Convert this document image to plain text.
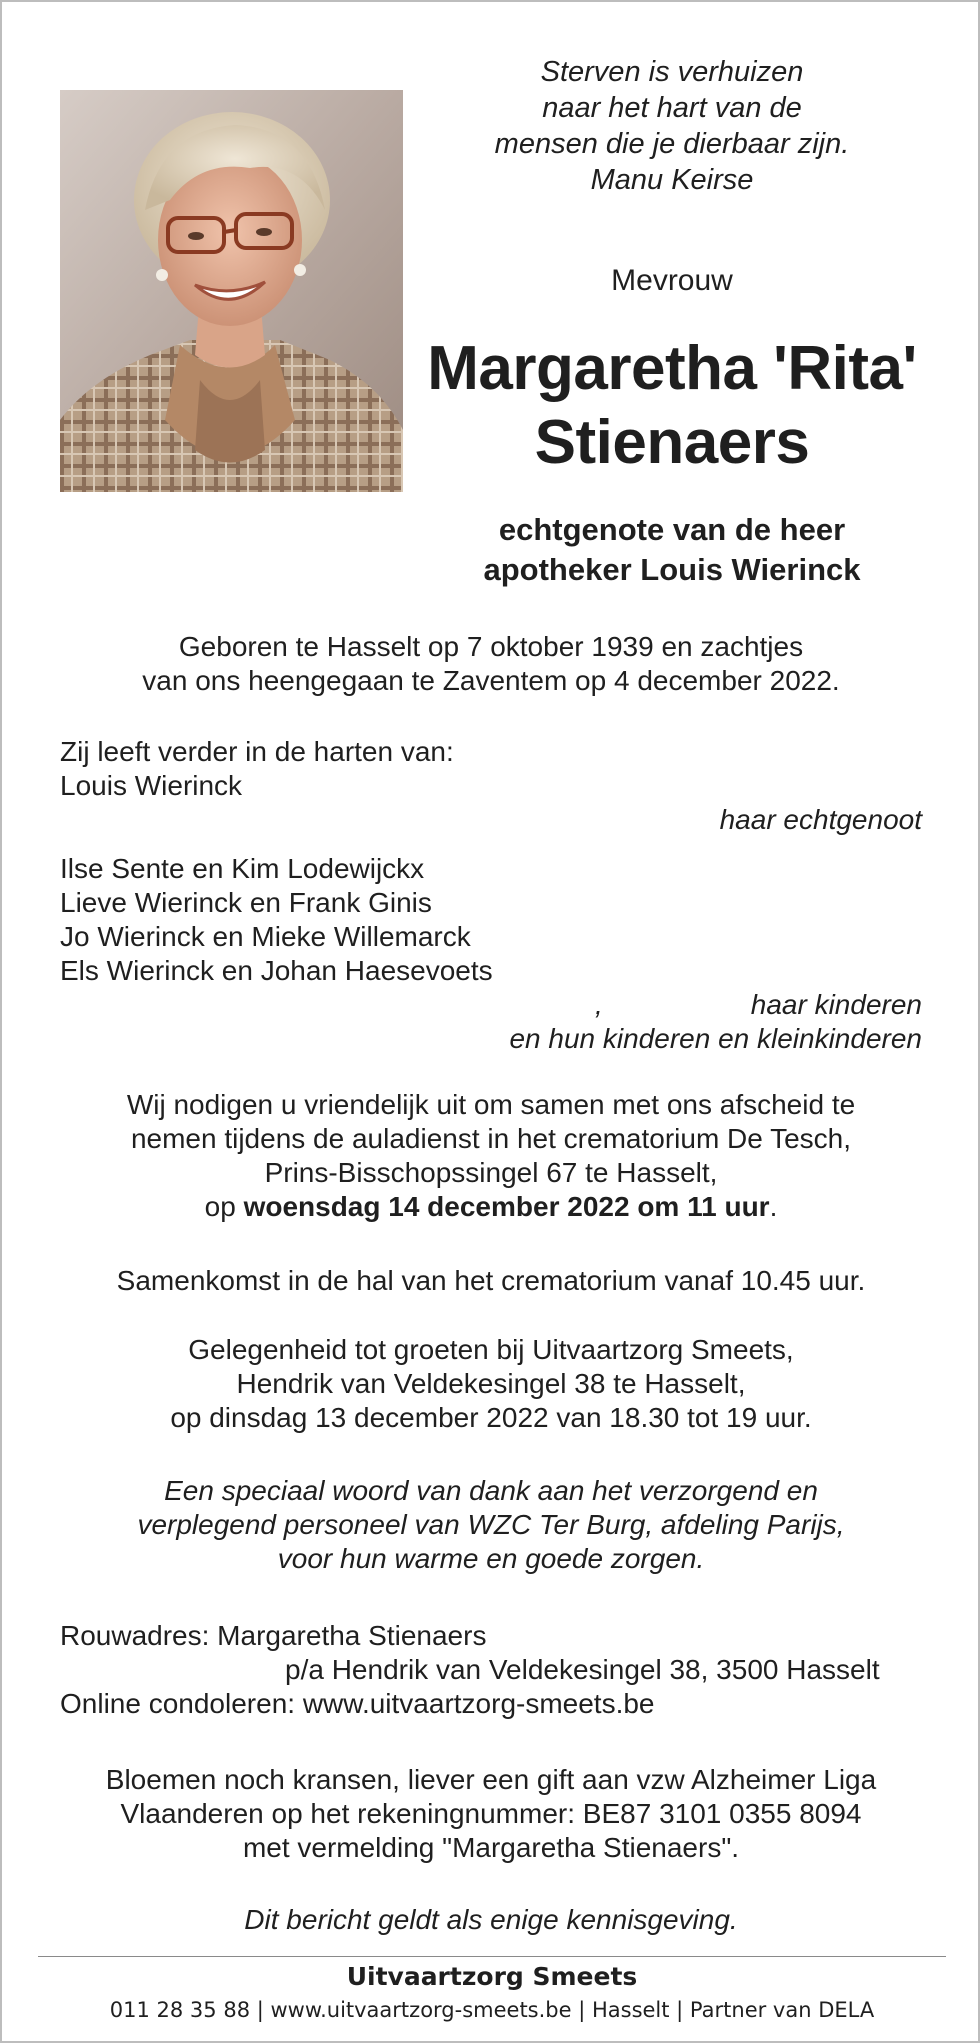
Sterven is verhuizen
naar het hart van de
mensen die je dierbaar zijn.
Manu Keirse
Mevrouw
Margaretha 'Rita'
Stienaers
echtgenote van de heer
apotheker Louis Wierinck
Geboren te Hasselt op 7 oktober 1939 en zachtjes
van ons heengegaan te Zaventem op 4 december 2022.
Zij leeft verder in de harten van:
Louis Wierinck
haar echtgenoot
Ilse Sente en Kim Lodewijckx
Lieve Wierinck en Frank Ginis
Jo Wierinck en Mieke Willemarck
Els Wierinck en Johan Haesevoets
,	haar kinderen
en hun kinderen en kleinkinderen
Wij nodigen u vriendelijk uit om samen met ons afscheid te
nemen tijdens de auladienst in het crematorium De Tesch,
Prins-Bisschopssingel 67 te Hasselt,
op woensdag 14 december 2022 om 11 uur.
Samenkomst in de hal van het crematorium vanaf 10.45 uur.
Gelegenheid tot groeten bij Uitvaartzorg Smeets,
Hendrik van Veldekesingel 38 te Hasselt,
op dinsdag 13 december 2022 van 18.30 tot 19 uur.
Een speciaal woord van dank aan het verzorgend en
verplegend personeel van WZC Ter Burg, afdeling Parijs,
voor hun warme en goede zorgen.
Rouwadres: Margaretha Stienaers
p/a Hendrik van Veldekesingel 38, 3500 Hasselt
Online condoleren: www.uitvaartzorg-smeets.be
Bloemen noch kransen, liever een gift aan vzw Alzheimer Liga
Vlaanderen op het rekeningnummer: BE87 3101 0355 8094
met vermelding "Margaretha Stienaers".
Dit bericht geldt als enige kennisgeving.
Uitvaartzorg Smeets
011 28 35 88 | www.uitvaartzorg-smeets.be | Hasselt | Partner van DELA
